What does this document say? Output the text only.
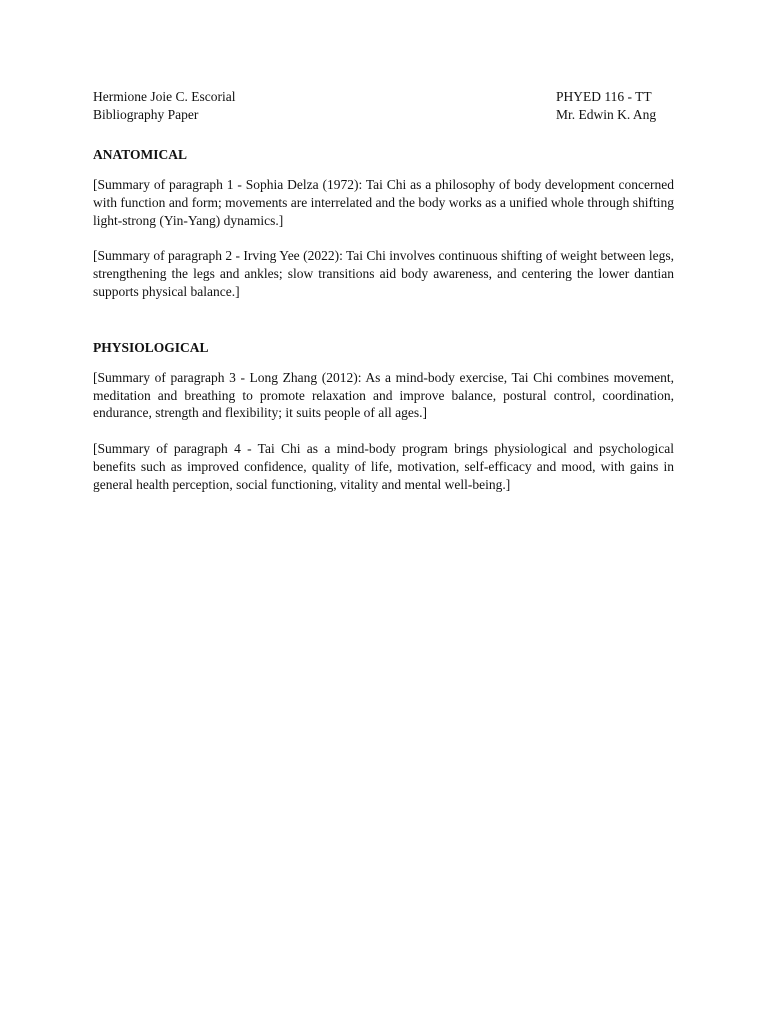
Hermione Joie C. Escorial
Bibliography Paper
PHYED 116 - TT
Mr. Edwin K. Ang
ANATOMICAL

[Summary of paragraph 1 - Sophia Delza (1972): Tai Chi as a philosophy of body development concerned with function and form; movements are interrelated and the body works as a unified whole through shifting light-strong (Yin-Yang) dynamics.]

[Summary of paragraph 2 - Irving Yee (2022): Tai Chi involves continuous shifting of weight between legs, strengthening the legs and ankles; slow transitions aid body awareness, and centering the lower dantian supports physical balance.]

PHYSIOLOGICAL

[Summary of paragraph 3 - Long Zhang (2012): As a mind-body exercise, Tai Chi combines movement, meditation and breathing to promote relaxation and improve balance, postural control, coordination, endurance, strength and flexibility; it suits people of all ages.]

[Summary of paragraph 4 - Tai Chi as a mind-body program brings physiological and psychological benefits such as improved confidence, quality of life, motivation, self-efficacy and mood, with gains in general health perception, social functioning, vitality and mental well-being.]
